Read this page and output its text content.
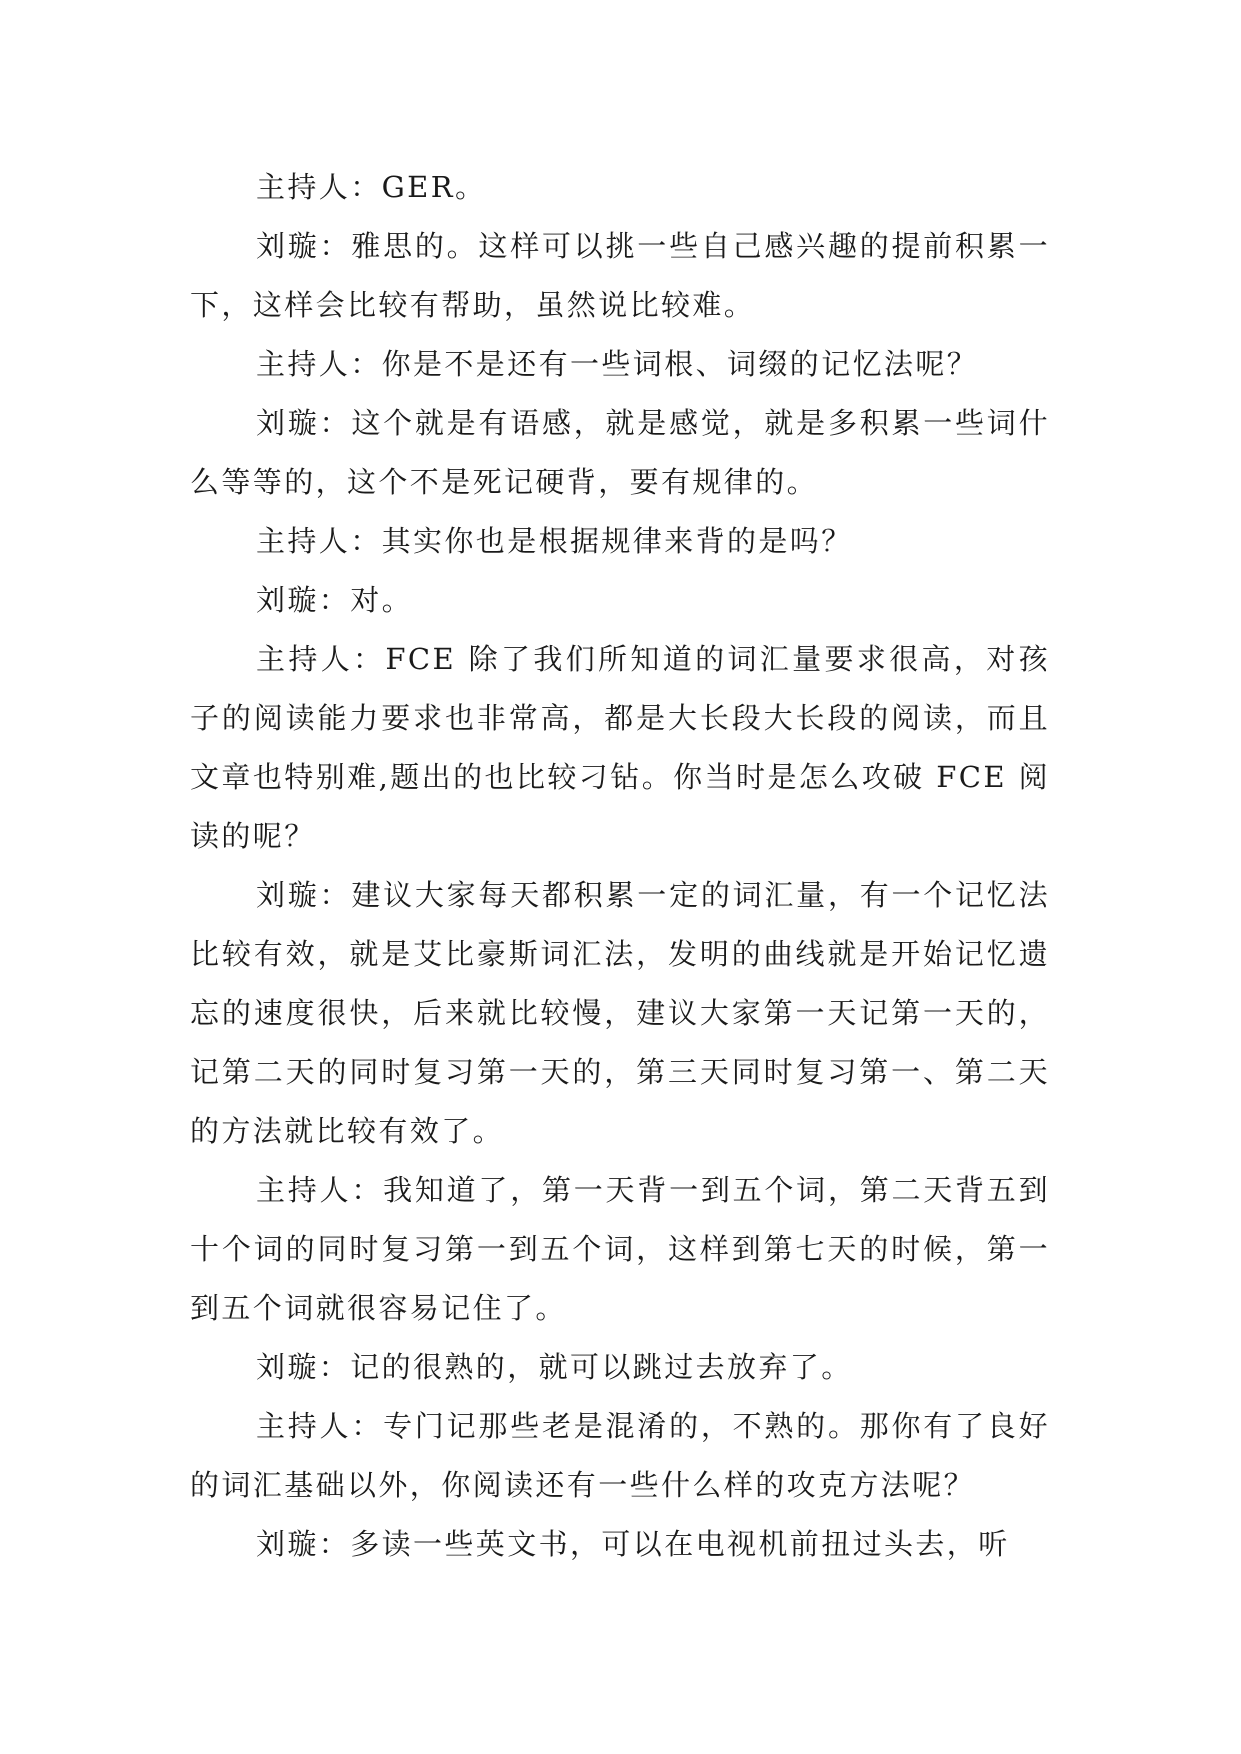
主持人：GER。

刘璇：雅思的。这样可以挑一些自己感兴趣的提前积累一下，这样会比较有帮助，虽然说比较难。

主持人：你是不是还有一些词根、词缀的记忆法呢？

刘璇：这个就是有语感，就是感觉，就是多积累一些词什么等等的，这个不是死记硬背，要有规律的。

主持人：其实你也是根据规律来背的是吗？

刘璇：对。

主持人：FCE 除了我们所知道的词汇量要求很高，对孩子的阅读能力要求也非常高，都是大长段大长段的阅读，而且文章也特别难,题出的也比较刁钻。你当时是怎么攻破 FCE 阅读的呢？

刘璇：建议大家每天都积累一定的词汇量，有一个记忆法比较有效，就是艾比豪斯词汇法，发明的曲线就是开始记忆遗忘的速度很快，后来就比较慢，建议大家第一天记第一天的，记第二天的同时复习第一天的，第三天同时复习第一、第二天的方法就比较有效了。

主持人：我知道了，第一天背一到五个词，第二天背五到十个词的同时复习第一到五个词，这样到第七天的时候，第一到五个词就很容易记住了。

刘璇：记的很熟的，就可以跳过去放弃了。

主持人：专门记那些老是混淆的，不熟的。那你有了良好的词汇基础以外，你阅读还有一些什么样的攻克方法呢？

刘璇：多读一些英文书，可以在电视机前扭过头去，听
